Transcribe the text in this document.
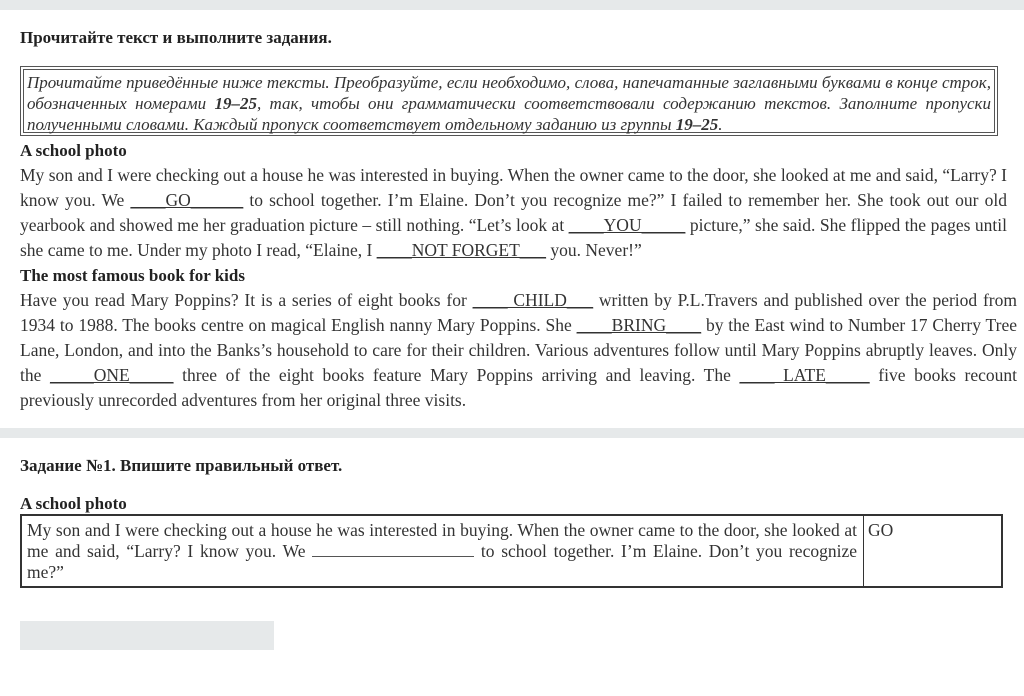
Прочитайте текст и выполните задания.
Прочитайте приведённые ниже тексты. Преобразуйте, если необходимо, слова, напечатанные заглавными буквами в конце строк, обозначенных номерами 19–25, так, чтобы они грамматически соответствовали содержанию текстов. Заполните пропуски полученными словами. Каждый пропуск соответствует отдельному заданию из группы 19–25.
A school photo
My son and I were checking out a house he was interested in buying. When the owner came to the door, she looked at me and said, “Larry? I know you. We ____GO______ to school together. I’m Elaine. Don’t you recognize me?” I failed to remember her. She took out our old yearbook and showed me her graduation picture – still nothing. “Let’s look at ____YOU_____ picture,” she said. She flipped the pages until she came to me. Under my photo I read, “Elaine, I ____NOT FORGET___ you. Never!”
The most famous book for kids
Have you read Mary Poppins? It is a series of eight books for ____ CHILD___ written by P.L.Travers and published over the period from 1934 to 1988. The books centre on magical English nanny Mary Poppins. She ____BRING____ by the East wind to Number 17 Cherry Tree Lane, London, and into the Banks’s household to care for their children. Various adventures follow until Mary Poppins abruptly leaves. Only the _____ONE_____ three of the eight books feature Mary Poppins arriving and leaving. The ____ LATE_____ five books recount previously unrecorded adventures from her original three visits.
Задание №1. Впишите правильный ответ.
A school photo
My son and I were checking out a house he was interested in buying. When the owner came to the door, she looked at me and said, “Larry? I know you. We	to school together. I’m Elaine. Don’t you recognize me?”
GO
